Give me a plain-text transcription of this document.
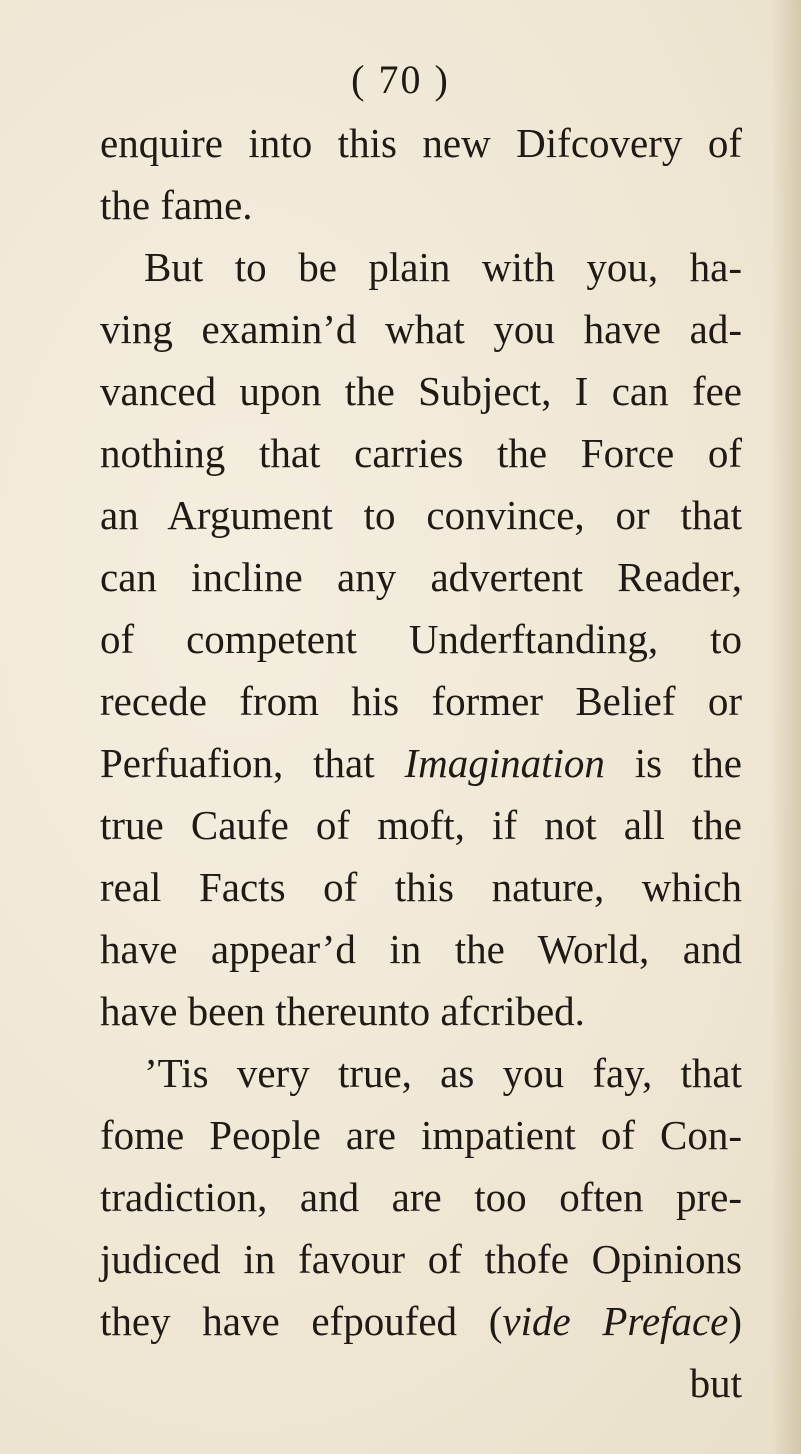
( 70 )
enquire into this new Difcovery of
the fame.
But to be plain with you, ha-
ving examin’d what you have ad-
vanced upon the Subject, I can fee
nothing that carries the Force of
an Argument to convince, or that
can incline any advertent Reader,
of competent Underftanding, to
recede from his former Belief or
Perfuafion, that Imagination is the
true Caufe of moft, if not all the
real Facts of this nature, which
have appear’d in the World, and
have been thereunto afcribed.
’Tis very true, as you fay, that
fome People are impatient of Con-
tradiction, and are too often pre-
judiced in favour of thofe Opinions
they have efpoufed (vide Preface)
but
